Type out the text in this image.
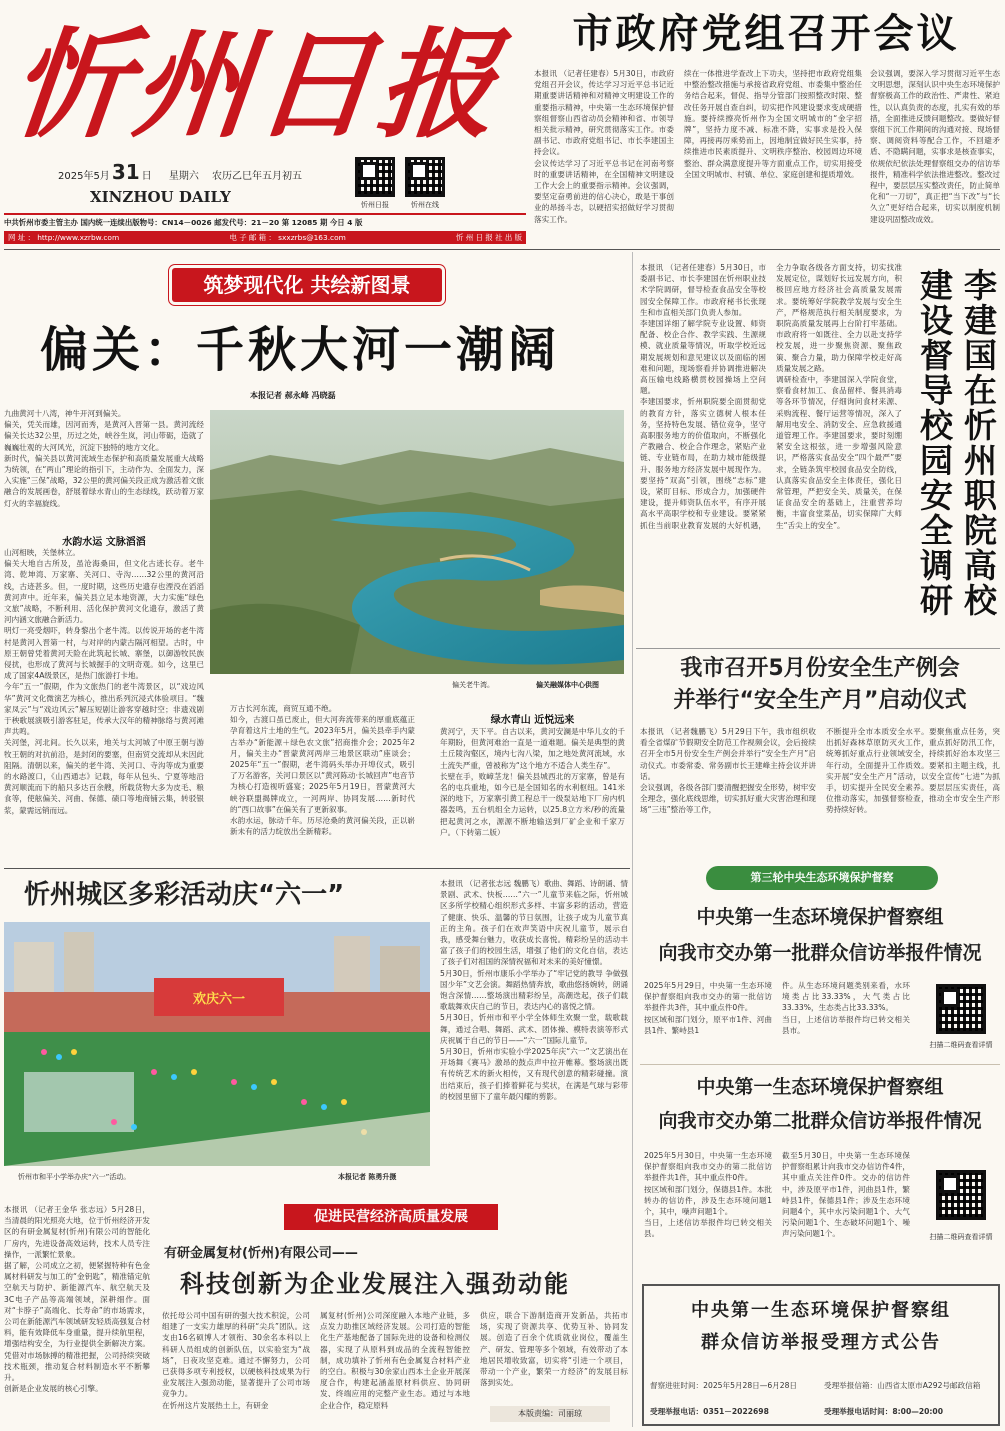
忻州日报
2025年5月 31 日 星期六 农历乙巳年五月初五
XINZHOU DAILY	忻州日报	忻州在线
中共忻州市委主管主办 国内统一连续出版物号：CN14－0026 邮发代号：21－20 第 12085 期 今日 4 版
网 址 ： http://www.xzrbw.com	电 子 邮 箱 ： sxxzrbs@163.com	忻 州 日 报 社 出 版
市政府党组召开会议
本报讯 （记者任建春）5月30日，市政府党组召开会议，传达学习习近平总书记近期重要讲话精神和对精神文明建设工作的重要指示精神，中央第一生态环境保护督察组督察山西省动员会精神和省、市领导相关批示精神，研究贯彻落实工作。市委副书记、市政府党组书记、市长李建国主持会议。
会议传达学习了习近平总书记在河南考察时的重要讲话精神，在全国精神文明建设工作大会上的重要指示精神。会议强调，要坚定奋勇前进的信心决心，敢是干事创业的昂扬斗志，以硬招实招做好学习贯彻落实工作。
续在一体推进学查改上下功夫，坚持把市政府党组集中整治整改措施与承接省政府党组、市委集中整治任务结合起来，督促、指导分管部门按照整改时限、整改任务开展自查自纠，切实把作风建设要求变成硬措施。要持续擦亮忻州作为全国文明城市的“金字招牌”，坚持力度不减、标准不降，实事求是投入保障，再接再厉乘势而上，因地制宜做好民生实事，持续推进市民素质提升、文明秩序整治、校园周边环境整治、群众满意度提升等方面重点工作，切实用接受全国文明城市、村镇、单位、家庭创建和提质增效。
会议强调，要深入学习贯彻习近平生态文明思想，深刻认识中央生态环境保护督察极高工作的政治性、严肃性、紧迫性，以认真负责的态度，扎实有效的举措，全面推进反馈问题整改。要做好督察组下沉工作期间的沟通对接、现场督察、调阅资料等配合工作，不回避矛盾、不隐瞒问题，实事求是核查事实，依规依纪依法处理督察组交办的信访举报件，精准科学依法推进整改。整改过程中，要层层压实整改责任，防止简单化和“一刀切”，真正把“当下改”与“长久立”更好结合起来，切实以制度机制建设巩固整改成效。
筑梦现代化 共绘新图景
偏关：千秋大河一潮阔
本报记者 郝永峰 冯晓磊
九曲黄河十八湾，神牛开河到偏关。
偏关，凭关而雄，因河而秀，是黄河入晋第一县。黄河流经偏关长达32公里，历过之处，峡谷生岚，河山带砺，造就了巍巍壮观的大河风光，沉淀下独特的地方文化。
新时代，偏关县以黄河流域生态保护和高质量发展重大战略为统领，在“两山”理论的指引下，主动作为、全面发力，深入实施“三保”战略，32公里的黄河偏关段正成为激活着文旅融合的发展画卷，舒展着绿水青山的生态绿线，跃动着万家灯火的幸福旋线。
水韵水运 文脉滔滔
山河相映，关堡林立。
偏关大地自古所及，虽沧海桑田，但文化古迹长存。老牛湾、乾坤湾、万家寨、关河口、寺沟……32公里的黄河沿线，古迹甚多。但，一度时期，这些历史遗存也湮没在滔滔黄河声中。近年来，偏关县立足本地资源，大力实施“绿色文旅”战略，不断利用、活化保护黄河文化遗存，激活了黄河内涵文旅融合新活力。
明灯一亮受烟吓，转身黎出个老牛湾。以传说开场的老牛湾村是黄河入晋第一村，与对岸的内蒙古隔河相望。古时，中原王朝曾凭着黄河天险在此筑起长城、寨堡，以御游牧民族侵扰，也形成了黄河与长城握手的文明奇观。如今，这里已成了国家4A级景区，是热门旅游打卡地。
今年“五一”假期，作为文旅热门的老牛湾景区，以“戏边风华”黄河文化微演艺为核心，推出系列沉浸式体验项目。“魏家凤云”与“戏边风云”解压短剧让游客穿越时空；非遗戏剧于秧歌展演吸引游客驻足，传承大汉年的精神脉络与黄河滩声共鸣。
关河堡，河北间。长久以来，地关与太河城了中原王朝与游牧王朝的对抗前沿，是封闭的要塞，但南贸交流却从未因此阻隔。清朝以来，偏关的老牛湾、关河口、寺沟等成为重要的水路渡口，《山西通志》记载，每年从包头、宁夏等地沿黄河顺流而下的船只多达百余艘，所载货物大多为皮毛、粮食等，使舷偏关、河曲、保德、碛口等地商铺云集，转驳银浆，蒙需远销而远。
偏关老牛湾。	偏关融媒体中心供图
万古长河东流，商贸互通不绝。
如今，古渡口虽已废止，但大河奔流带来的厚重底蕴正孕育着这片土地的生气。2023年5月，偏关县牵手内蒙古举办“新能源＋绿色农文旅”招商推介会；2025年2月，偏关主办“晋蒙黄河两岸三地景区联动”座谈会；2025年“五一”假期，老牛湾码头举办开埠仪式，吸引了万名游客，关河口景区以“黄河陈动·长城回声”电音节为核心打造视听盛宴；2025年5月19日，晋蒙黄河大峡谷联盟揭牌成立，一河两岸、协同发展……新时代的“西口故事”在偏关有了更新叙事。
水韵水运，脉动千年。历尽沧桑的黄河偏关段，正以崭新未有的活力绽放出全新精彩。
绿水青山 近悦远来
黄河宁，天下平。自古以来，黄河安澜是中华儿女的千年期盼，但黄河难治一直是一道难题。偏关是典型的黄土丘陵沟壑区，境内七沟八梁，加之地处黄河流域，水土流失严重，曾被称为“这个地方不适合人类生存”。
长壁在手，败嶂茎龙！偏关县城西北的万家寨，曾是有名的屯兵重地，如今已是全国知名的水利枢纽。141米深的地下，万家寨引黄工程总干一级泵站地下厂房内机器轰鸣，五台机组全力运转，以25.8立方米/秒的流量把起黄河之水，源源不断地输送到厂矿企业和千家万户。（下转第二版）
本报讯 （记者任建春）5月30日，市委副书记、市长李建国在忻州职业技术学院调研，督导检查食品安全等校园安全保障工作。市政府秘书长张现生和市直相关部门负责人参加。
李建国详细了解学院专业设置、师资配备、校企合作、教学实践、生源规模、就业质量等情况，听取学校近远期发展规划和意见建议以及面临的困难和问题，现场察看并协调推进解决高压输电线路横贯校园操场上空问题。
李建国要求，忻州职院要全面贯彻党的教育方针，落实立德树人根本任务，坚持特色发展、错位竞争，坚守高职服务地方的价值取向，不断强化产教融合、校企合作理念，紧贴产业链、专业链布局，在助力城市能级提升、服务地方经济发展中展现作为。要坚持“双高”引领，围绕“志标”建设，紧盯目标、形成合力，加强硬件建设，提升师资队伍水平，有序开展高水平高职学校和专业建设。要紧紧抓住当前职业教育发展的大好机遇，全力争取各级各方面支持，切实找准发展定位，谋划好长远发展方向，积极回应地方经济社会高质量发展需求。要统筹好学院教学发展与安全生产，严格规范执行相关制度要求，为职院高质量发展再上台阶打牢基础。市政府将一如既往、全力以赴支持学校发展，进一步聚焦资源、聚焦政策、聚合力量，助力保障学校走好高质量发展之路。
调研检查中，李建国深入学院食堂，察看食材加工、食品留样、餐具消毒等各环节情况，仔细询问食材来源、采购流程、餐厅运营等情况，深入了解用电安全、消防安全、应急救援通道管理工作。李建国要求，要时刻绷紧安全这根弦，进一步增强风险意识，严格落实食品安全“四个最严”要求，全链条筑牢校园食品安全防线，认真落实食品安全主体责任，强化日常管理，严把安全关、质量关，在保证食品安全的基础上，注重营养均衡，丰富食堂菜品，切实保障广大师生“舌尖上的安全”。	李建国在忻州职院高校建设督导校园安全调研
我市召开5月份安全生产例会
并举行“安全生产月”启动仪式
本报讯 （记者魏鹏飞）5月29日下午，我市组织收看全省煤矿节假期安全防范工作视频会议，会后接续召开全市5月份安全生产例会并举行“安全生产月”启动仪式。市委常委、常务副市长王建峰主持会议并讲话。
会议强调，各级各部门要清醒把握安全形势，树牢安全理念，强化底线思维，切实抓好重大灾害治理和现场“三违”整治等工作，
不断提升全市本质安全水平。要聚焦重点任务，突出抓好森林草原防灭火工作，重点抓好防汛工作，统筹抓好重点行业领域安全，持续抓好治本攻坚三年行动，全面提升工作质效。要紧扣主题主线，扎实开展“安全生产月”活动，以安全宣传“七进”为抓手，切实提升全民安全素养。要层层压实责任，高位推动落实，加强督察检查，推动全市安全生产形势持续好转。
忻州城区多彩活动庆“六一”
欢庆六一
忻州市和平小学举办庆“六一”活动。	本报记者 陈勇升摄
本报讯 （记者张志远 魏鹏飞）歌曲、舞蹈、诗朗诵、情景剧、武术、快板……“六一”儿童节来临之际，忻州城区多所学校精心组织形式多样、丰富多彩的活动，营造了健康、快乐、温馨的节日氛围，让孩子成为儿童节真正的主角。孩子们在欢声笑语中庆祝儿童节，展示自我，感受舞台魅力，收获成长喜悦。精彩纷呈的活动丰富了孩子们的校园生活，增强了他们的文化自信，表达了孩子们对祖国的深情祝福和对未来的美好憧憬。
5月30日，忻州市康乐小学举办了“牢记党的教导 争做强国少年”文艺会演。舞蹈热情奔放，歌曲悠扬婉转，朗诵饱含深情……整场演出精彩纷呈，高潮迭起，孩子们载歌载舞欢庆自己的节日，表达内心的喜悦之情。
5月30日，忻州市和平小学全体师生欢聚一堂，载歌载舞，通过合唱、舞蹈、武术、团体操、模特表演等形式庆祝属于自己的节日——“六一”国际儿童节。
5月30日，忻州市实验小学2025年庆“六一”文艺演出在开场舞《赛马》激昂的鼓点声中拉开帷幕。整场演出既有传统艺术的新火相传，又有现代创意的精彩碰撞。演出结束后，孩子们捧着鲜花与奖状，在满是气球与彩带的校园里留下了童年最闪耀的剪影。
第三轮中央生态环境保护督察
中央第一生态环境保护督察组
向我市交办第一批群众信访举报件情况
2025年5月29日，中央第一生态环境保护督察组向我市交办的第一批信访举报件共3件，其中重点件0件。
按区域和部门划分，原平市1件、河曲县1件、繁峙县1
件。从生态环境问题类别来看，水环境类占比33.33%，大气类占比33.33%，生态类占比33.33%。
当日，上述信访举报件均已转交相关县市。
扫描二维码查看详情
中央第一生态环境保护督察组
向我市交办第二批群众信访举报件情况
2025年5月30日，中央第一生态环境保护督察组向我市交办的第二批信访举报件共1件，其中重点件0件。
按区域和部门划分，保德县1件。本批转办的信访件，涉及生态环境问题1个，其中，噪声问题1个。
当日，上述信访举报件均已转交相关县。
截至5月30日，中央第一生态环境保护督察组累计向我市交办信访件4件，其中重点关注件0件。交办的信访件中，涉及原平市1件，河曲县1件，繁峙县1件，保德县1件；涉及生态环境问题4个，其中水污染问题1个、大气污染问题1个、生态破坏问题1个、噪声污染问题1个。	扫描二维码查看详情
中央第一生态环境保护督察组
群众信访举报受理方式公告
督察进驻时间：2025年5月28日—6月28日	受理举报信箱：山西省太原市A292号邮政信箱
受理举报电话：0351－2022698	受理举报电话时间：8:00—20:00
本报讯 （记者王金华 张志远）5月28日，当清晨的阳光照亮大地，位于忻州经济开发区的有研金属复材(忻州)有限公司的智能化厂房内，先进设备高效运转，技术人员专注操作，一派繁忙景象。
据了解，公司成立之初，便紧握特种有色金属材料研发与加工的“金钥匙”，精准锚定航空航天与防护、新能源汽车、航空航天及3C电子产品等高端领域，深耕细作。面对“卡脖子”高端化、长寿命”的市场需求，公司在新能源汽车领域研发轻质高强复合材料，能有效降低车身重量，提升续航里程，增强结构安全，为行业提供全新解决方案。凭借对市场脉搏的精准把握，公司持续突破技术瓶颈，推动复合材料制造水平不断攀升。
创新是企业发展的核心引擎。
促进民营经济高质量发展
有研金属复材(忻州)有限公司——
科技创新为企业发展注入强劲动能
依托母公司中国有研的强大技术积淀，公司组建了一支实力雄厚的科研“尖兵”团队。这支由16名硕博人才领衔、30余名本科以上科研人员组成的创新队伍，以实验室为“战场”，日夜攻坚克难。通过不懈努力，公司已获得多项专利授权，以硬核科技成果为行业发展注入强劲动能，显著提升了公司市场竞争力。
在忻州这片发展热土上，有研金
属复材(忻州)公司深度融入本地产业链，多点发力助推区域经济发展。公司打造的智能化生产基地配备了国际先进的设备和检测仪器，实现了从原料到成品的全流程智能控制，成功填补了忻州有色金属复合材料产业的空白。积极与30余家山西本土企业开展深度合作，构建起涵盖原材料供应、协同研发、终端应用的完整产业生态。通过与本地企业合作，稳定原料
供应，联合下游制造商开发新品，共拓市场，实现了资源共享、优势互补、协同发展。创造了百余个优质就业岗位，覆盖生产、研发、管理等多个领域，有效带动了本地居民增收致富，切实将“引进一个项目，带动一个产业，繁荣一方经济”的发展目标落到实处。
本版责编：司丽琼
